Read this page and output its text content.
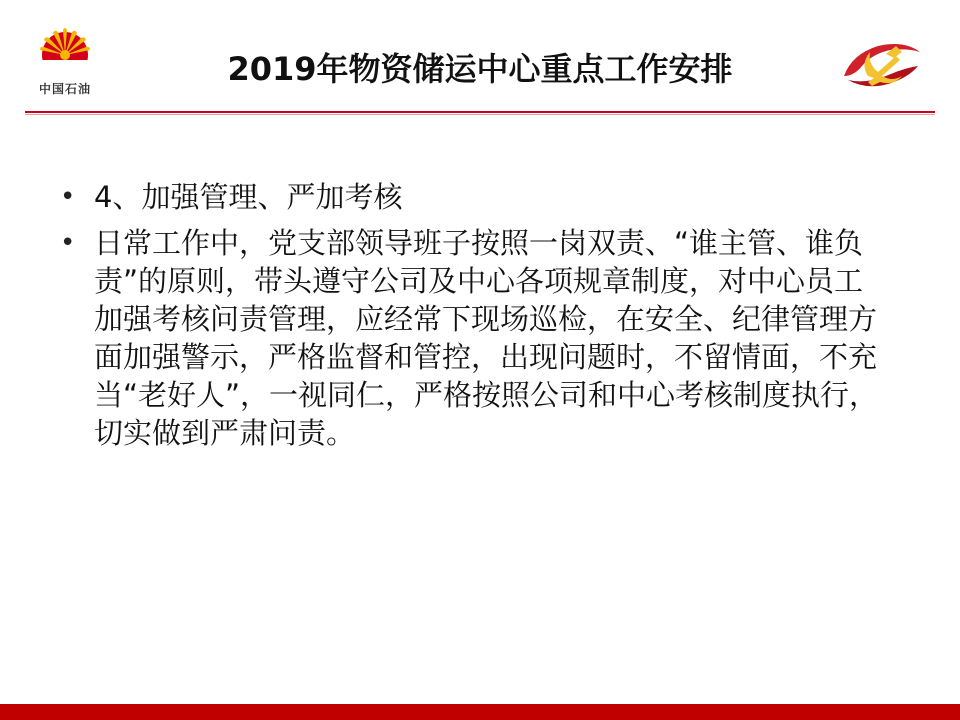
中国石油
2019年物资储运中心重点工作安排
• 4、加强管理、严加考核
• 日常工作中，党支部领导班子按照一岗双责、“谁主管、谁负责”的原则，带头遵守公司及中心各项规章制度，对中心员工加强考核问责管理，应经常下现场巡检，在安全、纪律管理方面加强警示，严格监督和管控，出现问题时，不留情面，不充当“老好人”，一视同仁，严格按照公司和中心考核制度执行，切实做到严肃问责。
